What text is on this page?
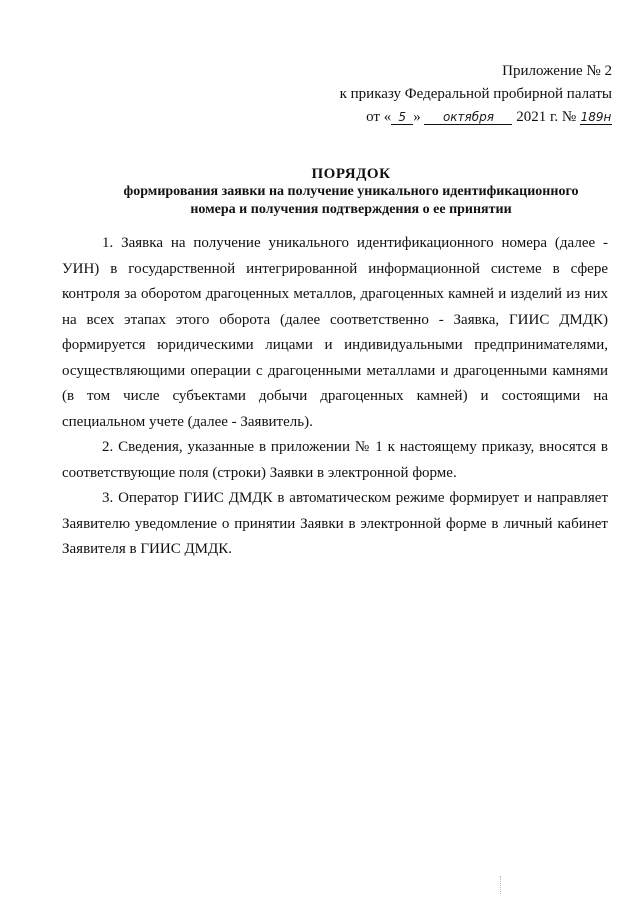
Приложение № 2
к приказу Федеральной пробирной палаты
от « 5 » октября 2021 г. № 189н
ПОРЯДОК
формирования заявки на получение уникального идентификационного
номера и получения подтверждения о ее принятии

1. Заявка на получение уникального идентификационного номера (далее - УИН) в государственной интегрированной информационной системе в сфере контроля за оборотом драгоценных металлов, драгоценных камней и изделий из них на всех этапах этого оборота (далее соответственно - Заявка, ГИИС ДМДК) формируется юридическими лицами и индивидуальными предпринимателями, осуществляющими операции с драгоценными металлами и драгоценными камнями (в том числе субъектами добычи драгоценных камней) и состоящими на специальном учете (далее - Заявитель).

2. Сведения, указанные в приложении № 1 к настоящему приказу, вносятся в соответствующие поля (строки) Заявки в электронной форме.

3. Оператор ГИИС ДМДК в автоматическом режиме формирует и направляет Заявителю уведомление о принятии Заявки в электронной форме в личный кабинет Заявителя в ГИИС ДМДК.
